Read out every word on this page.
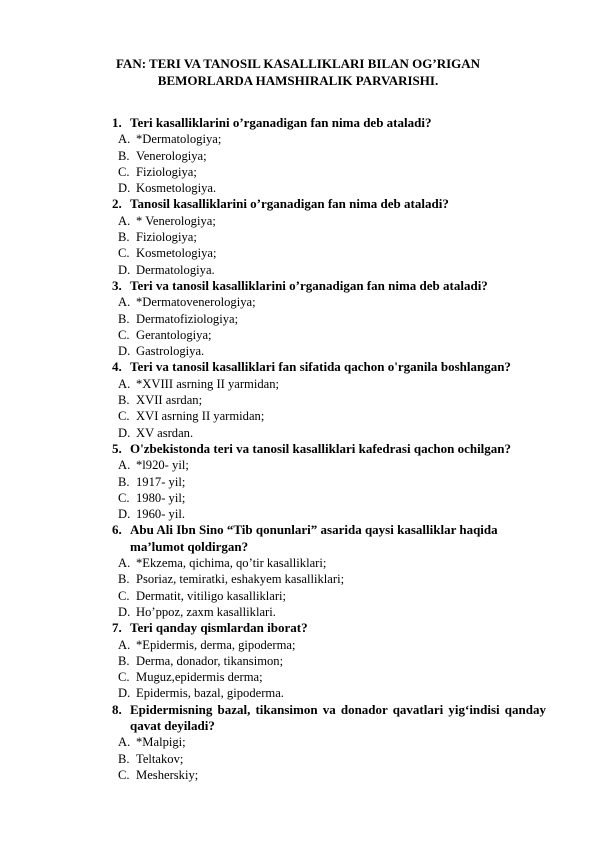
FAN: TERI VA TANOSIL KASALLIKLARI BILAN OG’RIGAN
BEMORLARDA HAMSHIRALIK PARVARISHI.
1. Teri kasalliklarini o’rganadigan fan nima deb ataladi?
A. *Dermatologiya;
B. Venerologiya;
C. Fiziologiya;
D. Kosmetologiya.
2. Tanosil kasalliklarini o’rganadigan fan nima deb ataladi?
A. * Venerologiya;
B. Fiziologiya;
C. Kosmetologiya;
D. Dermatologiya.
3. Teri va tanosil kasalliklarini o’rganadigan fan nima deb ataladi?
A. *Dermatovenerologiya;
B. Dermatofiziologiya;
C. Gerantologiya;
D. Gastrologiya.
4. Teri va tanosil kasalliklari fan sifatida qachon o'rganila boshlangan?
A. *XVIII asrning II yarmidan;
B. XVII asrdan;
C. XVI asrning II yarmidan;
D. XV asrdan.
5. O'zbekistonda teri va tanosil kasalliklari kafedrasi qachon ochilgan?
A. *l920- yil;
B. 1917- yil;
C. 1980- yil;
D. 1960- yil.
6. Abu Ali Ibn Sino “Tib qonunlari” asarida qaysi kasalliklar haqida ma’lumot qoldirgan?
A. *Ekzema, qichima, qo’tir kasalliklari;
B. Psoriaz, temiratki, eshakyem kasalliklari;
C. Dermatit, vitiligo kasalliklari;
D. Ho’ppoz, zaxm kasalliklari.
7. Teri qanday qismlardan iborat?
A. *Epidermis, derma, gipoderma;
B. Derma, donador, tikansimon;
C. Muguz,epidermis derma;
D. Epidermis, bazal, gipoderma.
8. Epidermisning bazal, tikansimon va donador qavatlari yig‘indisi qanday qavat deyiladi?
A. *Malpigi;
B. Teltakov;
C. Mesherskiy;
